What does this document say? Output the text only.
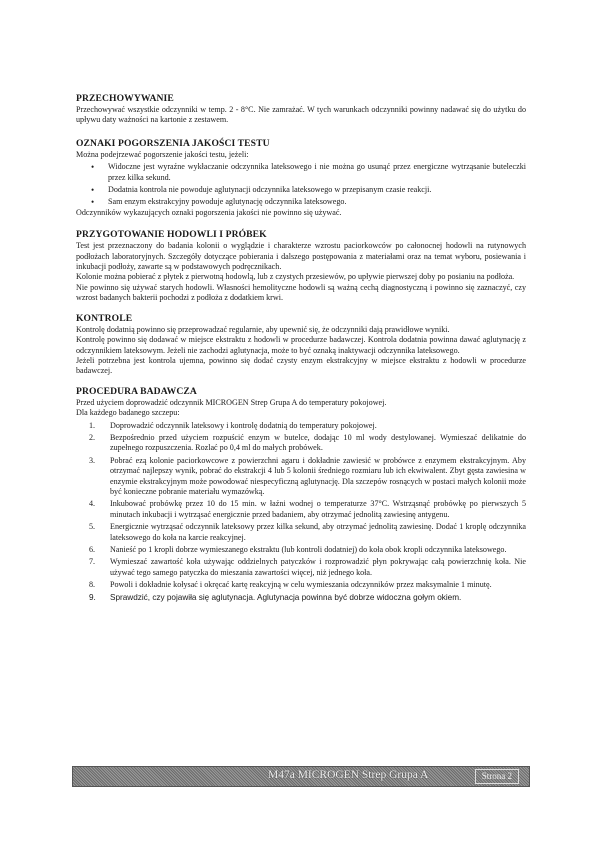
PRZECHOWYWANIE

Przechowywać wszystkie odczynniki w temp. 2 - 8°C. Nie zamrażać. W tych warunkach odczynniki powinny nadawać się do użytku do upływu daty ważności na kartonie z zestawem.

OZNAKI POGORSZENIA JAKOŚCI TESTU

Można podejrzewać pogorszenie jakości testu, jeżeli:

• Widoczne jest wyraźne wykłaczanie odczynnika lateksowego i nie można go usunąć przez energiczne wytrząsanie buteleczki przez kilka sekund.
• Dodatnia kontrola nie powoduje aglutynacji odczynnika lateksowego w przepisanym czasie reakcji.
• Sam enzym ekstrakcyjny powoduje aglutynację odczynnika lateksowego.

Odczynników wykazujących oznaki pogorszenia jakości nie powinno się używać.

PRZYGOTOWANIE HODOWLI I PRÓBEK

Test jest przeznaczony do badania kolonii o wyglądzie i charakterze wzrostu paciorkowców po całonocnej hodowli na rutynowych podłożach laboratoryjnych. Szczegóły dotyczące pobierania i dalszego postępowania z materiałami oraz na temat wyboru, posiewania i inkubacji podłoży, zawarte są w podstawowych podręcznikach.

Kolonie można pobierać z płytek z pierwotną hodowlą, lub z czystych przesiewów, po upływie pierwszej doby po posianiu na podłoża.

Nie powinno się używać starych hodowli. Własności hemolityczne hodowli są ważną cechą diagnostyczną i powinno się zaznaczyć, czy wzrost badanych bakterii pochodzi z podłoża z dodatkiem krwi.

KONTROLE

Kontrolę dodatnią powinno się przeprowadzać regularnie, aby upewnić się, że odczynniki dają prawidłowe wyniki.

Kontrolę powinno się dodawać w miejsce ekstraktu z hodowli w procedurze badawczej. Kontrola dodatnia powinna dawać aglutynację z odczynnikiem lateksowym. Jeżeli nie zachodzi aglutynacja, może to być oznaką inaktywacji odczynnika lateksowego.

Jeżeli potrzebna jest kontrola ujemna, powinno się dodać czysty enzym ekstrakcyjny w miejsce ekstraktu z hodowli w procedurze badawczej.

PROCEDURA BADAWCZA

Przed użyciem doprowadzić odczynnik MICROGEN Strep Grupa A do temperatury pokojowej.

Dla każdego badanego szczepu:

1. Doprowadzić odczynnik lateksowy i kontrolę dodatnią do temperatury pokojowej.
2. Bezpośrednio przed użyciem rozpuścić enzym w butelce, dodając 10 ml wody destylowanej. Wymieszać delikatnie do zupełnego rozpuszczenia. Rozlać po 0,4 ml do małych probówek.
3. Pobrać ezą kolonie paciorkowcowe z powierzchni agaru i dokładnie zawiesić w probówce z enzymem ekstrakcyjnym. Aby otrzymać najlepszy wynik, pobrać do ekstrakcji 4 lub 5 kolonii średniego rozmiaru lub ich ekwiwalent. Zbyt gęsta zawiesina w enzymie ekstrakcyjnym może powodować niespecyficzną aglutynację. Dla szczepów rosnących w postaci małych kolonii może być konieczne pobranie materiału wymazówką.
4. Inkubować probówkę przez 10 do 15 min. w łaźni wodnej o temperaturze 37°C. Wstrząsnąć probówkę po pierwszych 5 minutach inkubacji i wytrząsać energicznie przed badaniem, aby otrzymać jednolitą zawiesinę antygenu.
5. Energicznie wytrząsać odczynnik lateksowy przez kilka sekund, aby otrzymać jednolitą zawiesinę. Dodać 1 kroplę odczynnika lateksowego do koła na karcie reakcyjnej.
6. Nanieść po 1 kropli dobrze wymieszanego ekstraktu (lub kontroli dodatniej) do koła obok kropli odczynnika lateksowego.
7. Wymieszać zawartość koła używając oddzielnych patyczków i rozprowadzić płyn pokrywając całą powierzchnię koła. Nie używać tego samego patyczka do mieszania zawartości więcej, niż jednego koła.
8. Powoli i dokładnie kołysać i okręcać kartę reakcyjną w celu wymieszania odczynników przez maksymalnie 1 minutę.
9. Sprawdzić, czy pojawiła się aglutynacja. Aglutynacja powinna być dobrze widoczna gołym okiem.
M47a MICROGEN Strep Grupa A	Strona 2
